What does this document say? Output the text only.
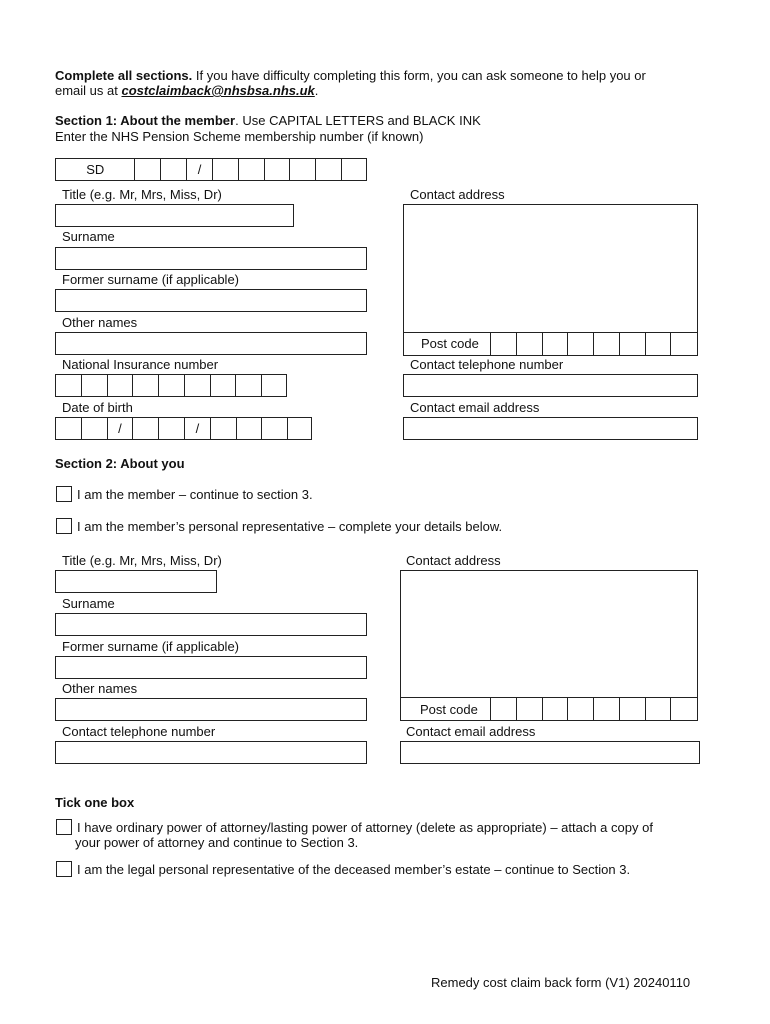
Complete all sections. If you have difficulty completing this form, you can ask someone to help you or
email us at costclaimback@nhsbsa.nhs.uk.
Section 1: About the member. Use CAPITAL LETTERS and BLACK INK
Enter the NHS Pension Scheme membership number (if known)
SD	/
Title (e.g. Mr, Mrs, Miss, Dr)
Surname
Former surname (if applicable)
Other names
National Insurance number
Date of birth
/	/
Contact address
Post code
Contact telephone number
Contact email address
Section 2: About you
I am the member – continue to section 3.
I am the member’s personal representative – complete your details below.
Title (e.g. Mr, Mrs, Miss, Dr)
Surname
Former surname (if applicable)
Other names
Contact telephone number
Contact address
Post code
Contact email address
Tick one box
I have ordinary power of attorney/lasting power of attorney (delete as appropriate) – attach a copy of
your power of attorney and continue to Section 3.
I am the legal personal representative of the deceased member’s estate – continue to Section 3.
Remedy cost claim back form (V1) 20240110
